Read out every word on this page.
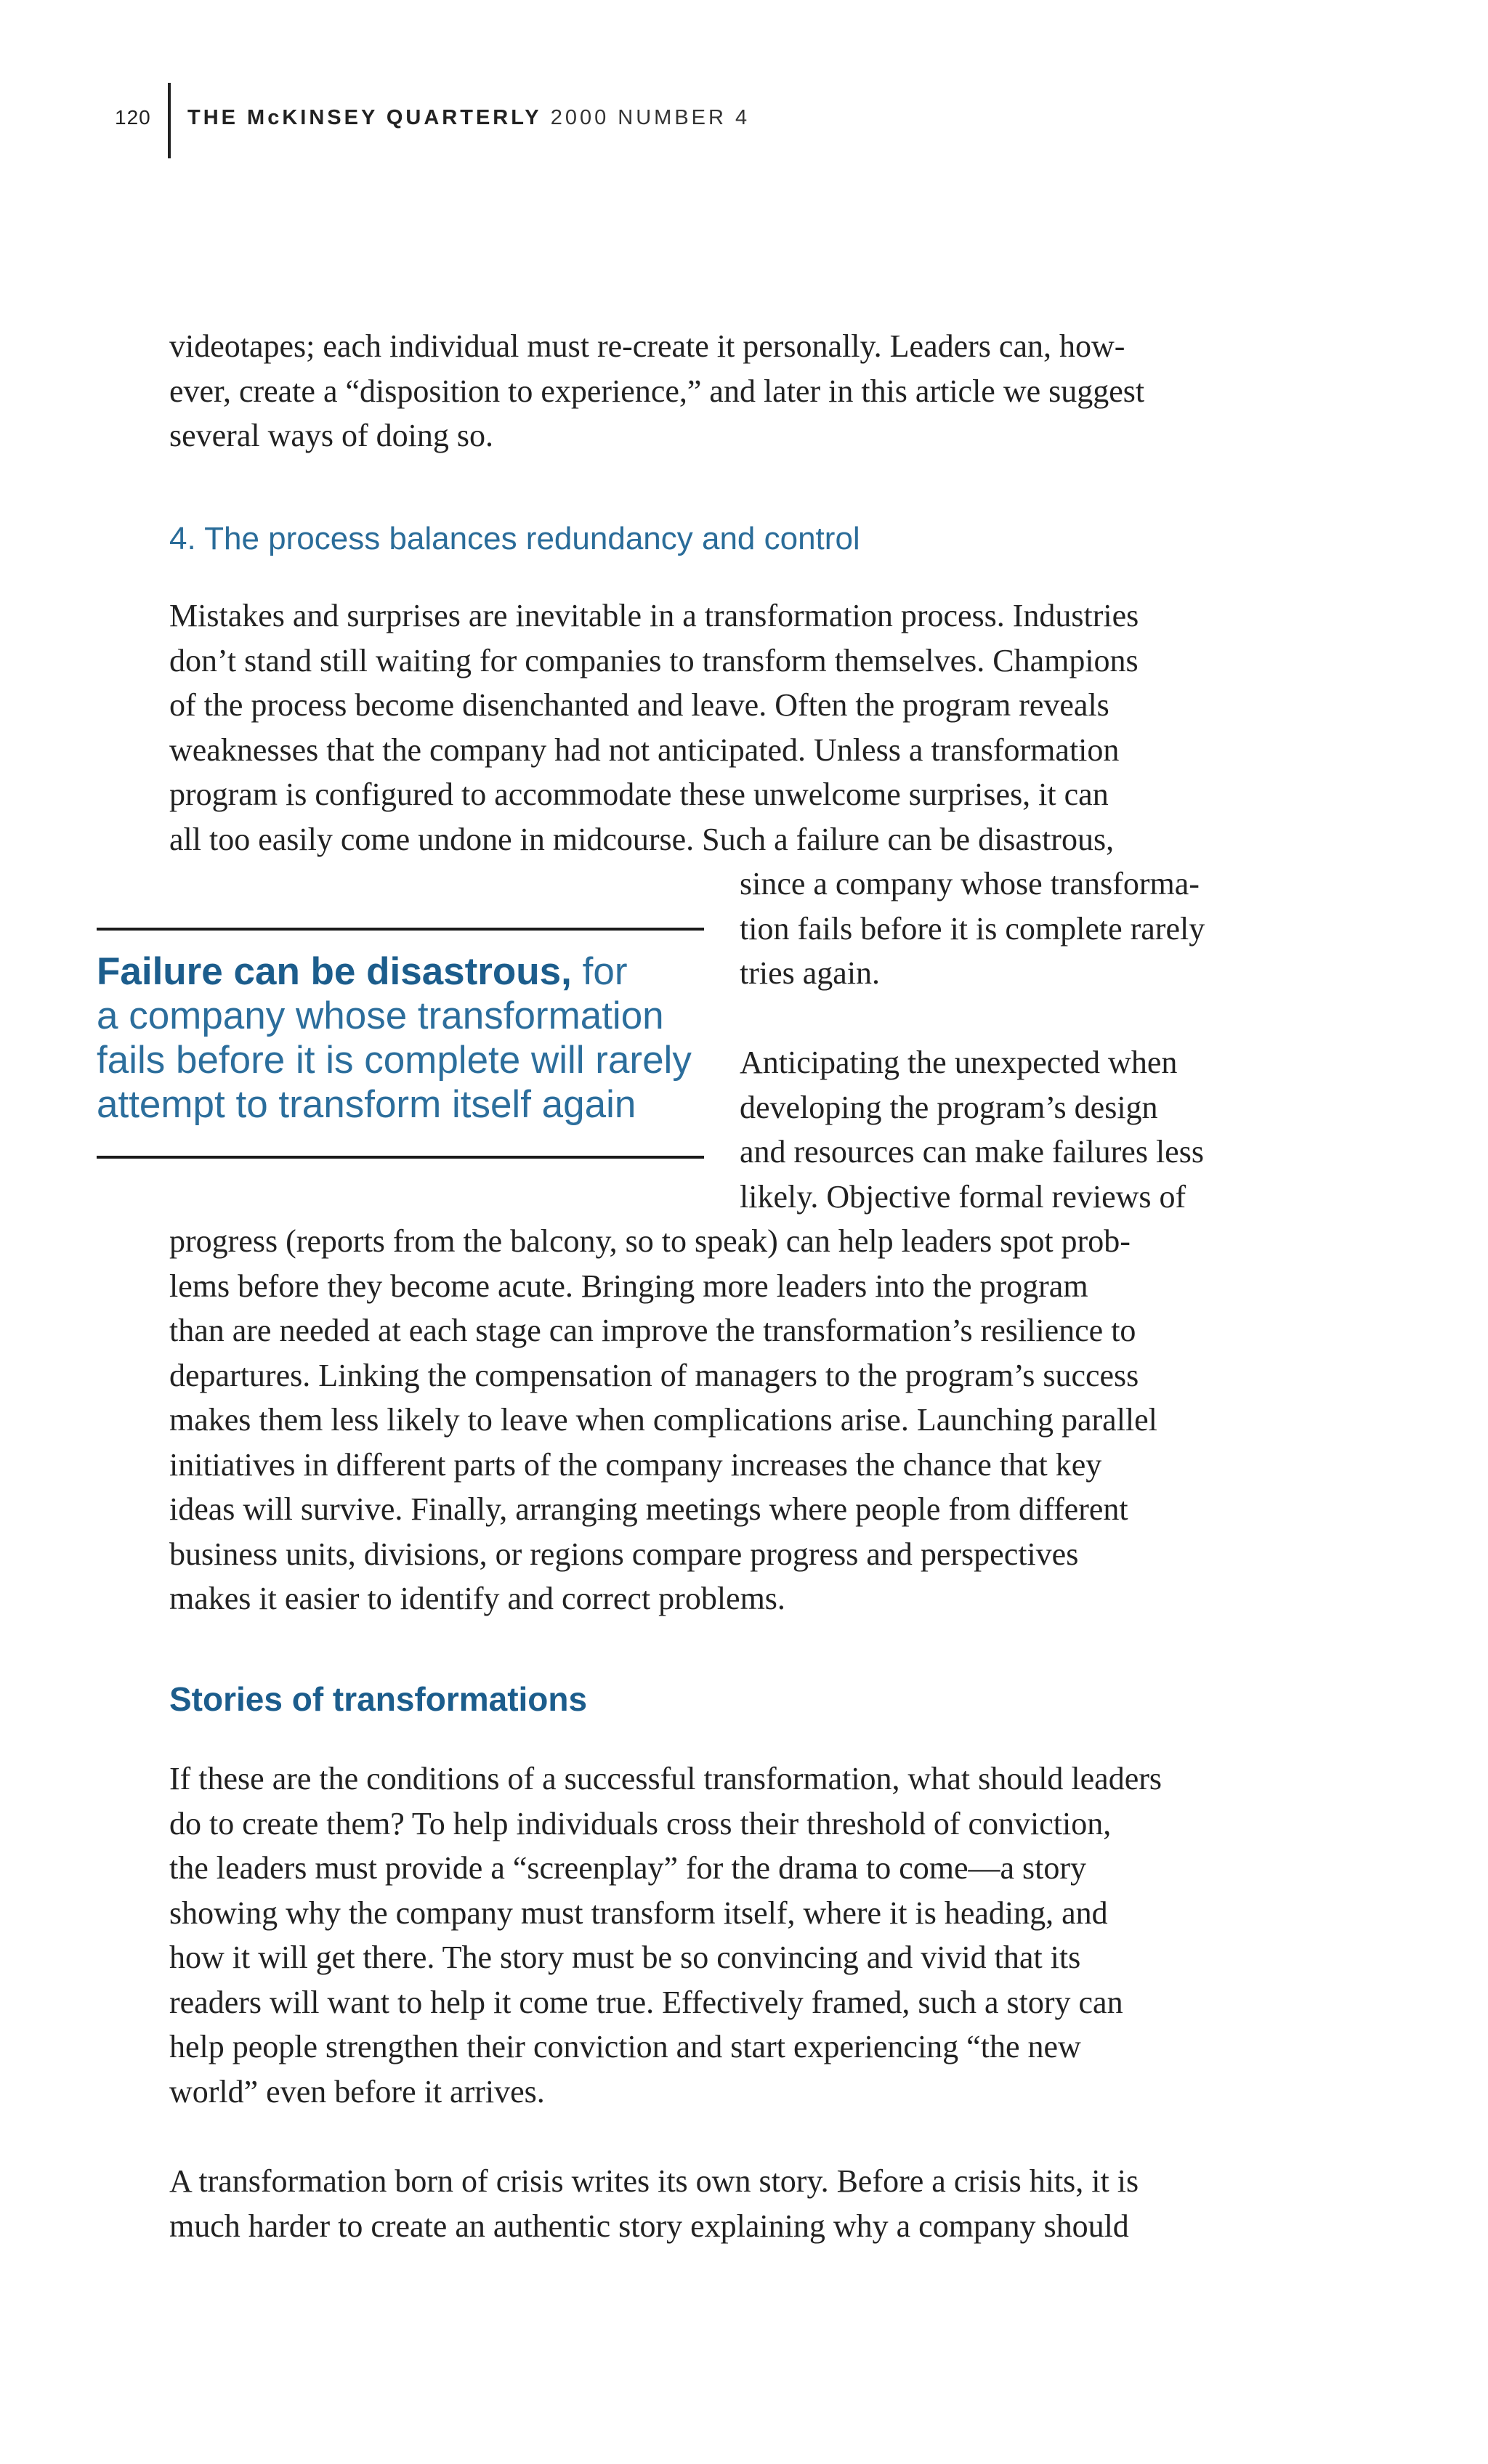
120 THE McKINSEY QUARTERLY 2000 NUMBER 4

videotapes; each individual must re-create it personally. Leaders can, how-
ever, create a “disposition to experience,” and later in this article we suggest
several ways of doing so.

4. The process balances redundancy and control

Mistakes and surprises are inevitable in a transformation process. Industries
don’t stand still waiting for companies to transform themselves. Champions
of the process become disenchanted and leave. Often the program reveals
weaknesses that the company had not anticipated. Unless a transformation
program is configured to accommodate these unwelcome surprises, it can
all too easily come undone in midcourse. Such a failure can be disastrous,

since a company whose transforma-
tion fails before it is complete rarely
tries again.

Failure can be disastrous, for
a company whose transformation
fails before it is complete will rarely
attempt to transform itself again

Anticipating the unexpected when
developing the program’s design
and resources can make failures less
likely. Objective formal reviews of

progress (reports from the balcony, so to speak) can help leaders spot prob-
lems before they become acute. Bringing more leaders into the program
than are needed at each stage can improve the transformation’s resilience to
departures. Linking the compensation of managers to the program’s success
makes them less likely to leave when complications arise. Launching parallel
initiatives in different parts of the company increases the chance that key
ideas will survive. Finally, arranging meetings where people from different
business units, divisions, or regions compare progress and perspectives
makes it easier to identify and correct problems.

Stories of transformations

If these are the conditions of a successful transformation, what should leaders
do to create them? To help individuals cross their threshold of conviction,
the leaders must provide a “screenplay” for the drama to come—a story
showing why the company must transform itself, where it is heading, and
how it will get there. The story must be so convincing and vivid that its
readers will want to help it come true. Effectively framed, such a story can
help people strengthen their conviction and start experiencing “the new
world” even before it arrives.

A transformation born of crisis writes its own story. Before a crisis hits, it is
much harder to create an authentic story explaining why a company should
